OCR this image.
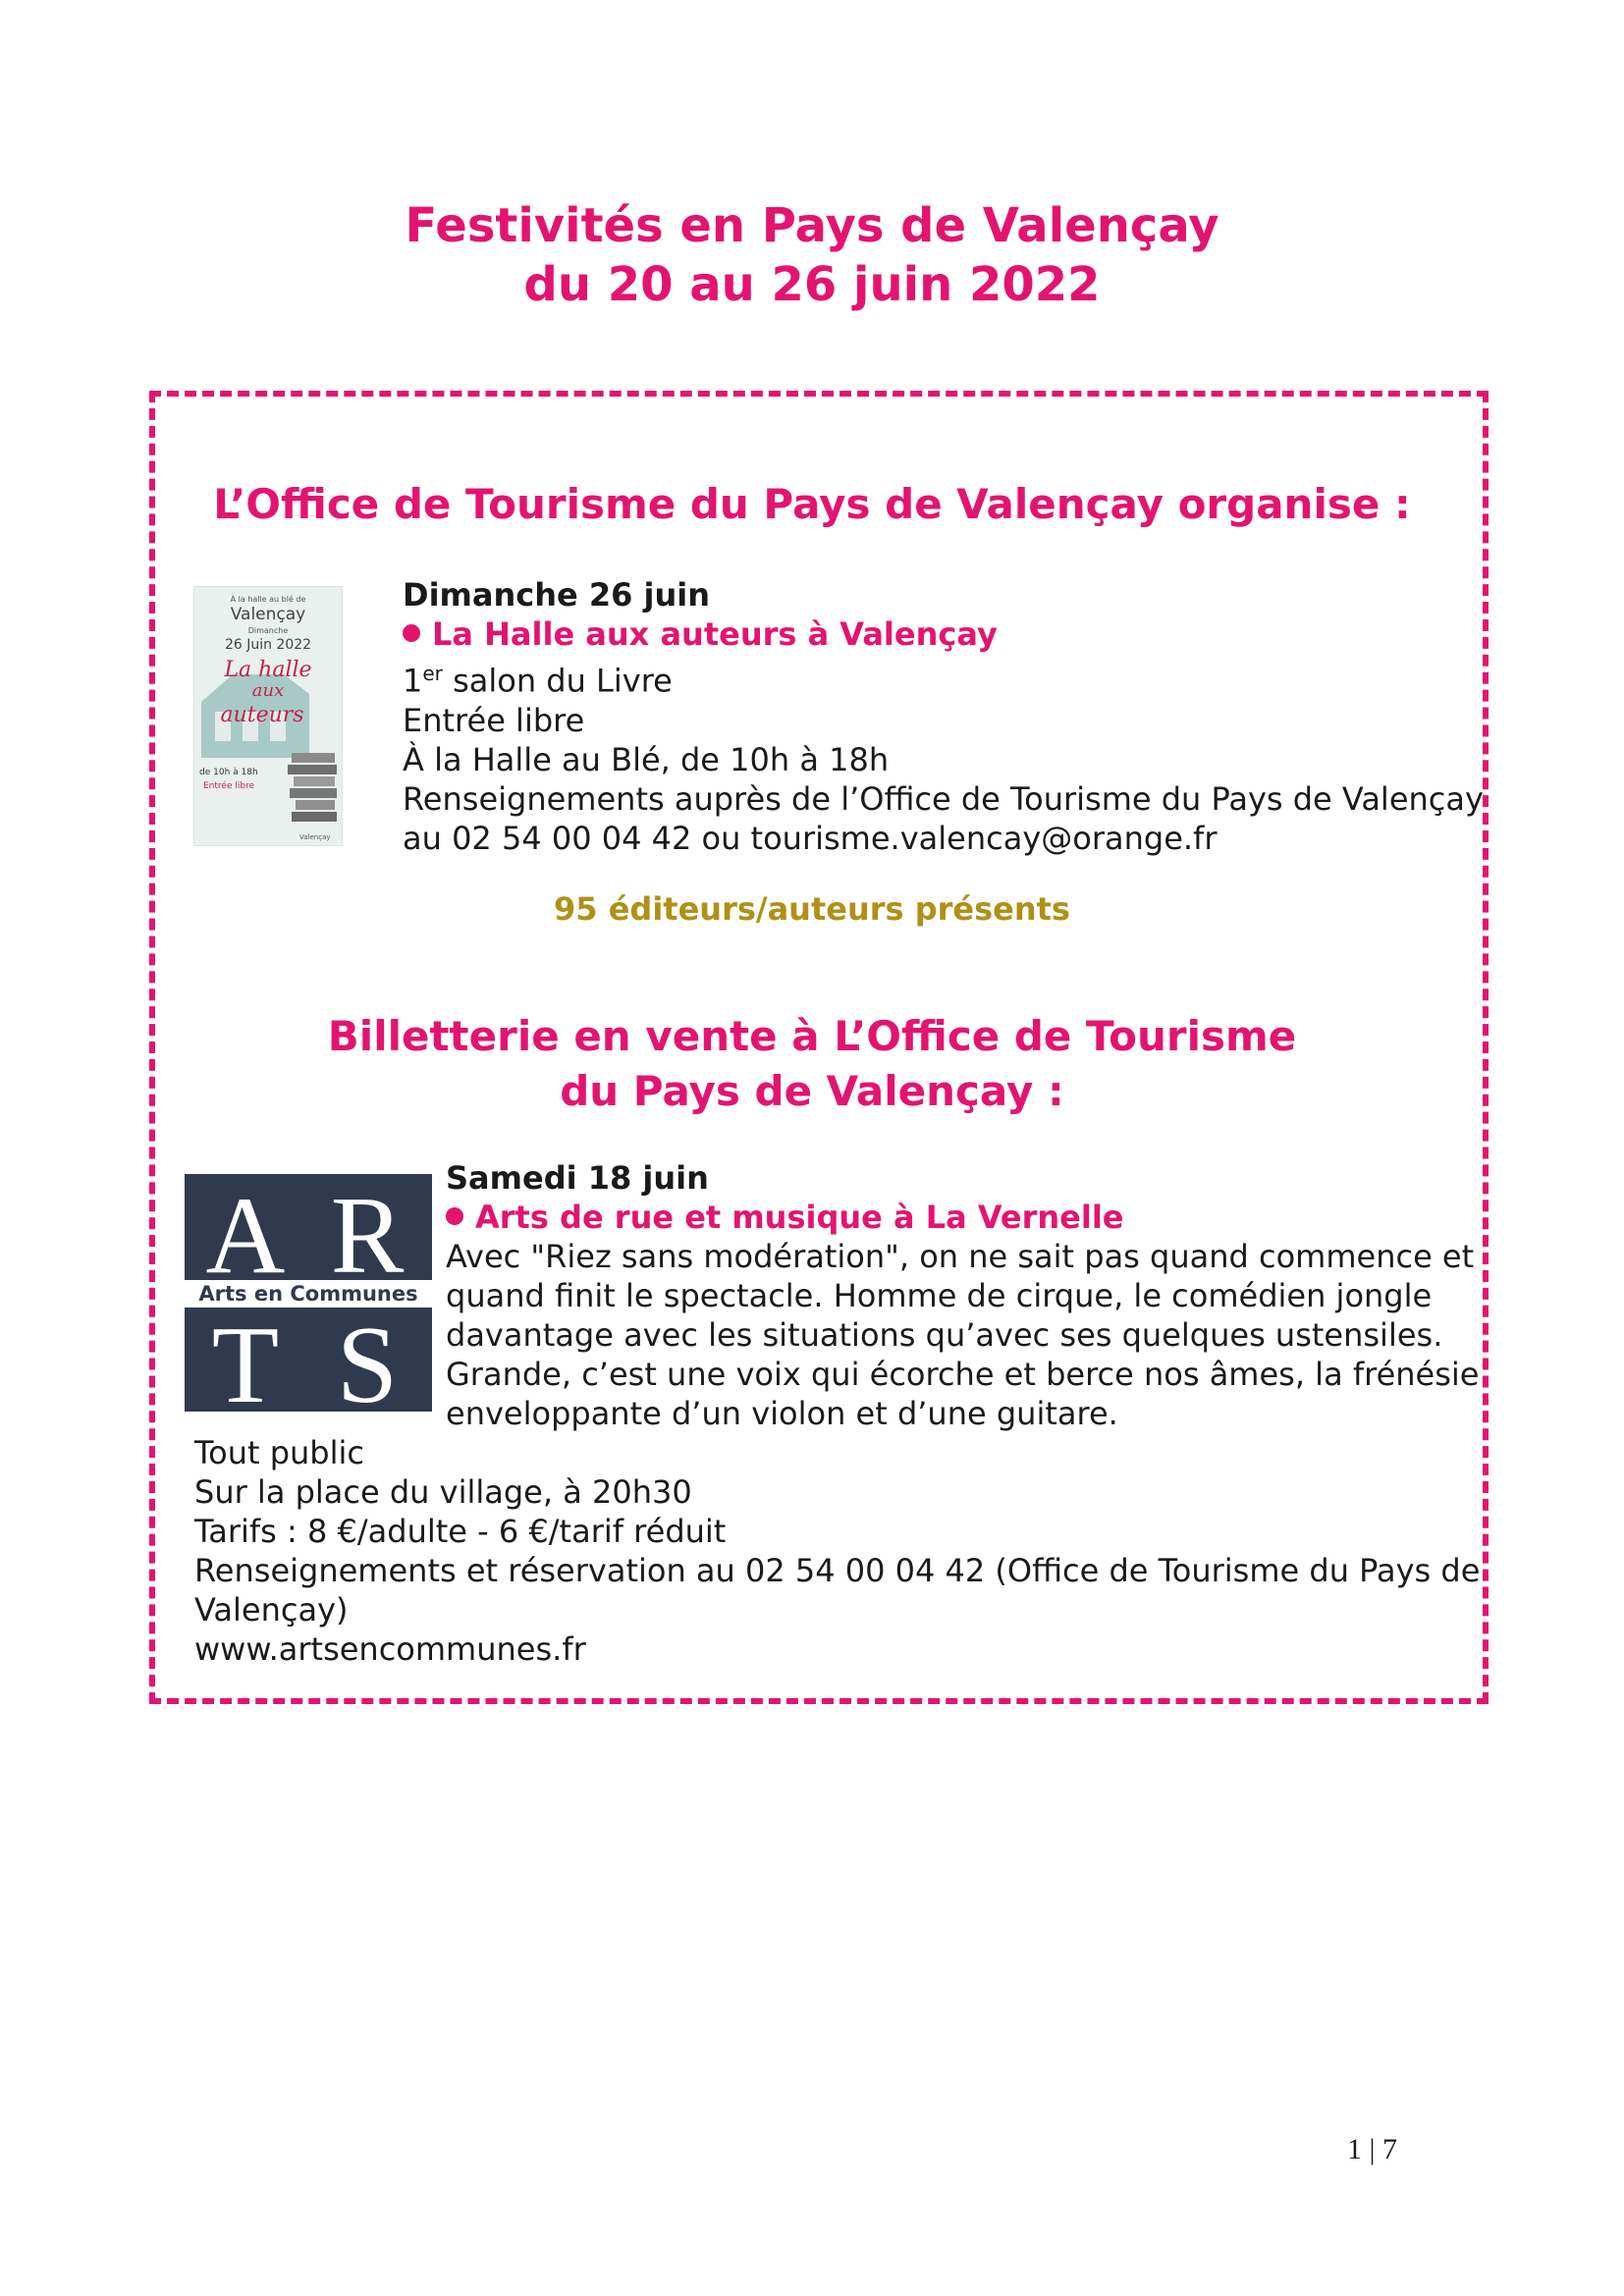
Festivités en Pays de Valençay
du 20 au 26 juin 2022
L’Office de Tourisme du Pays de Valençay organise :
À la halle au blé de
Valençay
Dimanche
26 Juin 2022
La halle
aux
auteurs
de 10h à 18h
Entrée libre
Valençay
Dimanche 26 juin
La Halle aux auteurs à Valençay
1er salon du Livre
Entrée libre
À la Halle au Blé, de 10h à 18h
Renseignements auprès de l’Office de Tourisme du Pays de Valençay
au 02 54 00 04 42 ou tourisme.valencay@orange.fr
95 éditeurs/auteurs présents
Billetterie en vente à L’Office de Tourisme
du Pays de Valençay :
A R
Arts en Communes
T S
Samedi 18 juin
Arts de rue et musique à La Vernelle
Avec "Riez sans modération", on ne sait pas quand commence et
quand finit le spectacle. Homme de cirque, le comédien jongle
davantage avec les situations qu’avec ses quelques ustensiles.
Grande, c’est une voix qui écorche et berce nos âmes, la frénésie
enveloppante d’un violon et d’une guitare.
Tout public
Sur la place du village, à 20h30
Tarifs : 8 €/adulte - 6 €/tarif réduit
Renseignements et réservation au 02 54 00 04 42 (Office de Tourisme du Pays de
Valençay)
www.artsencommunes.fr
1 | 7
